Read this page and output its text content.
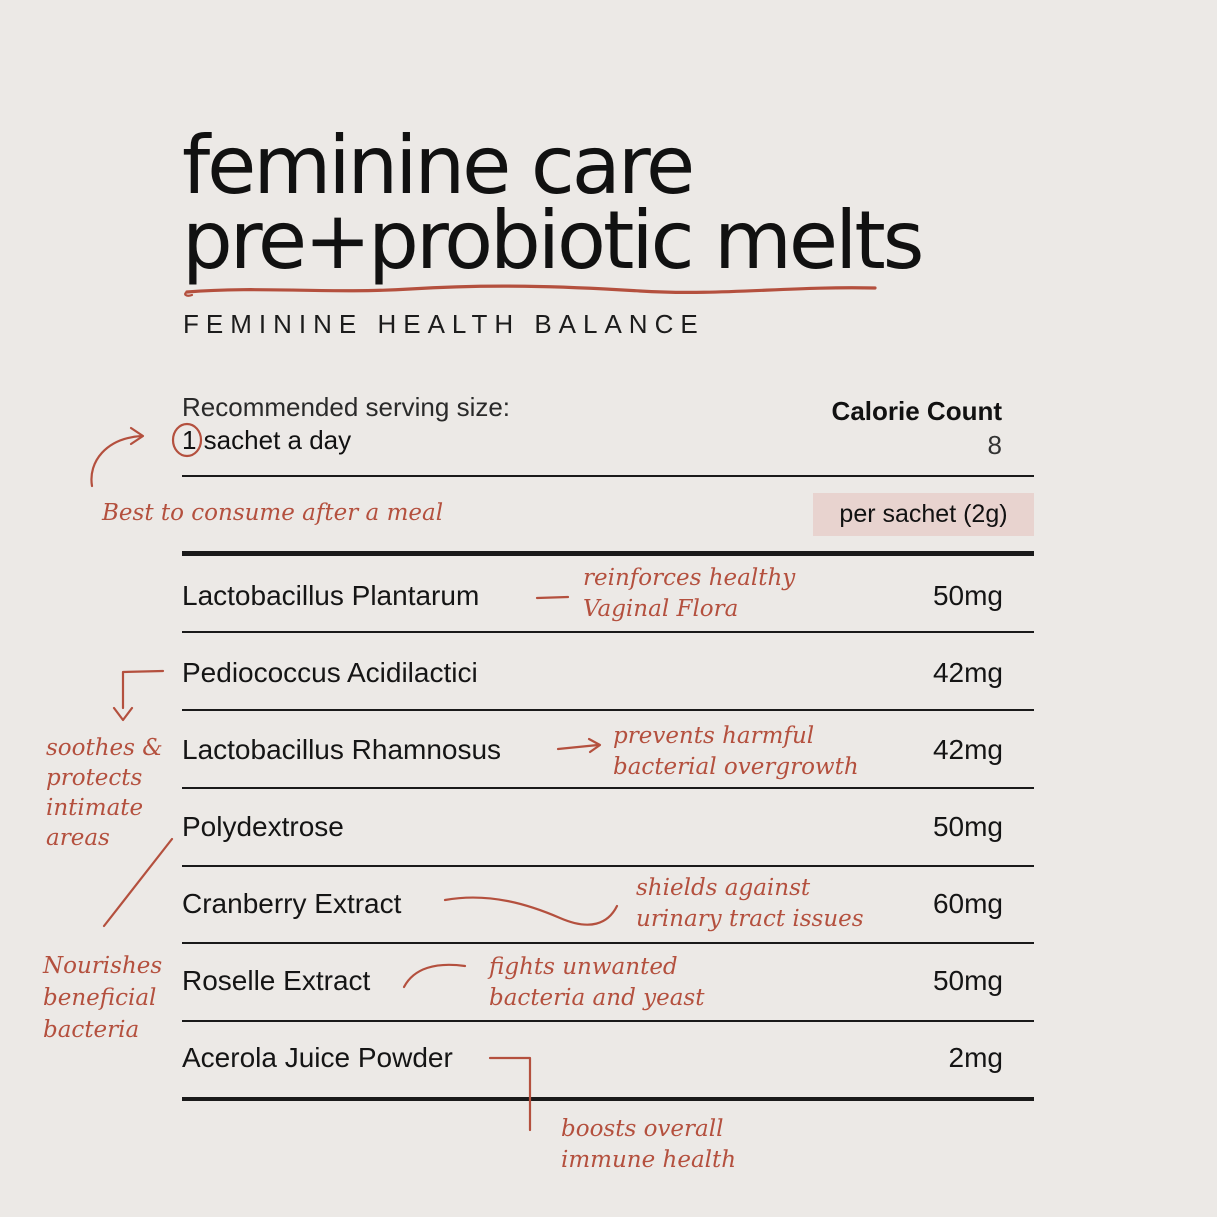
feminine care
pre+probiotic melts
FEMININE HEALTH BALANCE
Recommended serving size:
1 sachet a day
Calorie Count
8
per sachet (2g)
Lactobacillus Plantarum	50mg
Pediococcus Acidilactici	42mg
Lactobacillus Rhamnosus	42mg
Polydextrose	50mg
Cranberry Extract	60mg
Roselle Extract	50mg
Acerola Juice Powder	2mg
Best to consume after a meal
reinforces healthy
Vaginal Flora
soothes &
protects
intimate
areas
prevents harmful
bacterial overgrowth
Nourishes
beneficial
bacteria
shields against
urinary tract issues
fights unwanted
bacteria and yeast
boosts overall
immune health
